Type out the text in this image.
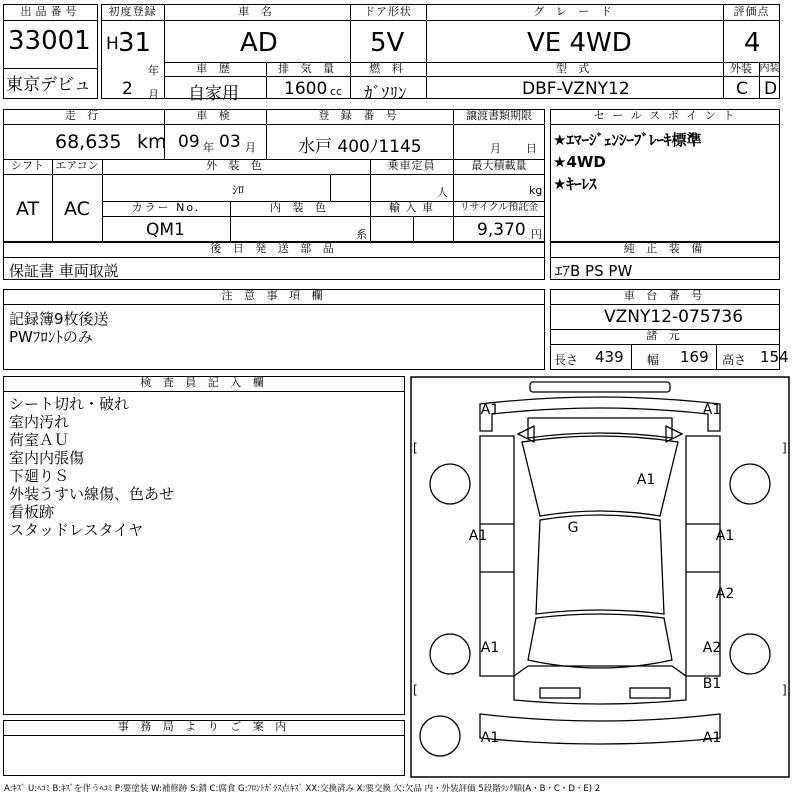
出品番号
33001
東京デビュ
初度登録
H 31
年
2 月
車 名
AD
ドア形状
5V
グ レ ー ド
VE 4WD
評価点
4
車 歴
自家用
排 気 量
1600 cc
燃 料
ｶﾞｿﾘﾝ
型 式
DBF-VZNY12
外装 内装
C D
走 行
68,635 km
車 検
09 年 03 月
登 録 番 号
水戸 400ﾉ1145
譲渡書類期限
月 日
シフト
AT
エアコン
AC
外 装 色
ｼﾛ
乗車定員
人
最大積載量
kg
カラー No.
QM1
内 装 色
系
輸 入 車	リサイクル預託金
9,370 円
セ ー ル ス ポ イ ン ト
★ｴﾏｰｼﾞｪﾝｼｰﾌﾞﾚｰｷ標準
★4WD
★ｷｰﾚｽ
後 日 発 送 部 品
保証書 車両取説
純 正 装 備
ｴｱB PS PW
注 意 事 項 欄
記録簿9枚後送
PWﾌﾛﾝﾄのみ
車 台 番 号
VZNY12-075736
諸 元
長さ 439 幅 169 高さ 154
検 査 員 記 入 欄
シート切れ・破れ
室内汚れ
荷室ＡＵ
室内内張傷
下廻りＳ
外装うすい線傷、色あせ
看板跡
スタッドレスタイヤ
事 務 局 よ り ご 案 内
A1	A1
A1
A1	G	A1
A2
A1	A2
B1
A1	A1
[	]
[	]
A:ｷｽﾞ U:ﾍｺﾐ B:ｷｽﾞを伴うﾍｺﾐ P:要塗装 W:補修跡 S:錆 C:腐食 G:ﾌﾛﾝﾄｶﾞﾗｽ点ｷｽﾞ XX:交換済み X:要交換 欠:欠品 内・外装評価 5段階ﾗﾝｸ順(A・B・C・D・E) 2
